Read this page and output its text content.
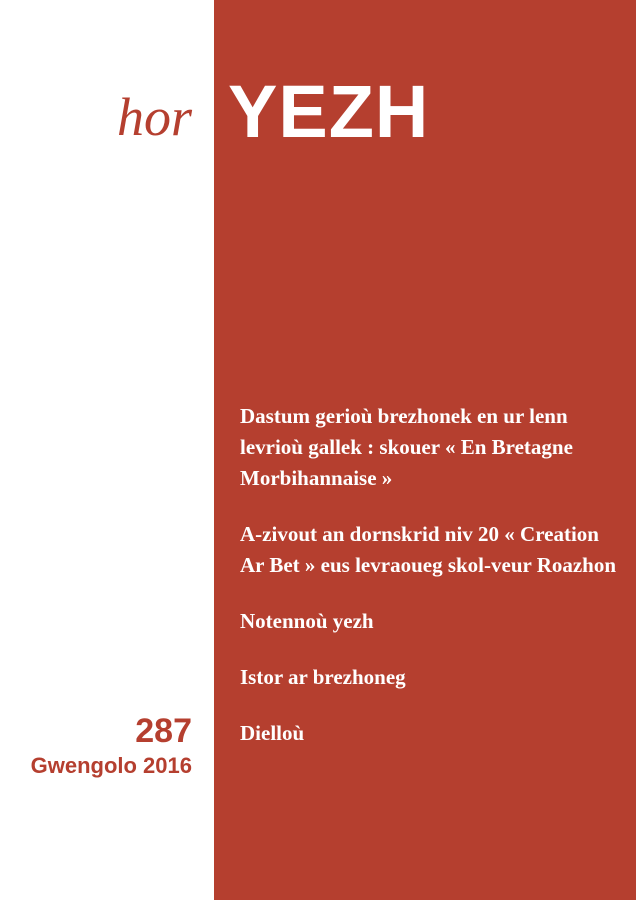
hor YEZH
Dastum gerioù brezhonek en ur lenn levrioù gallek : skouer « En Bretagne Morbihannaise »
A-zivout an dornskrid niv 20 « Creation Ar Bet » eus levraoueg skol-veur Roazhon
Notennoù yezh
Istor ar brezhoneg
Dielloù

287

Gwengolo 2016
